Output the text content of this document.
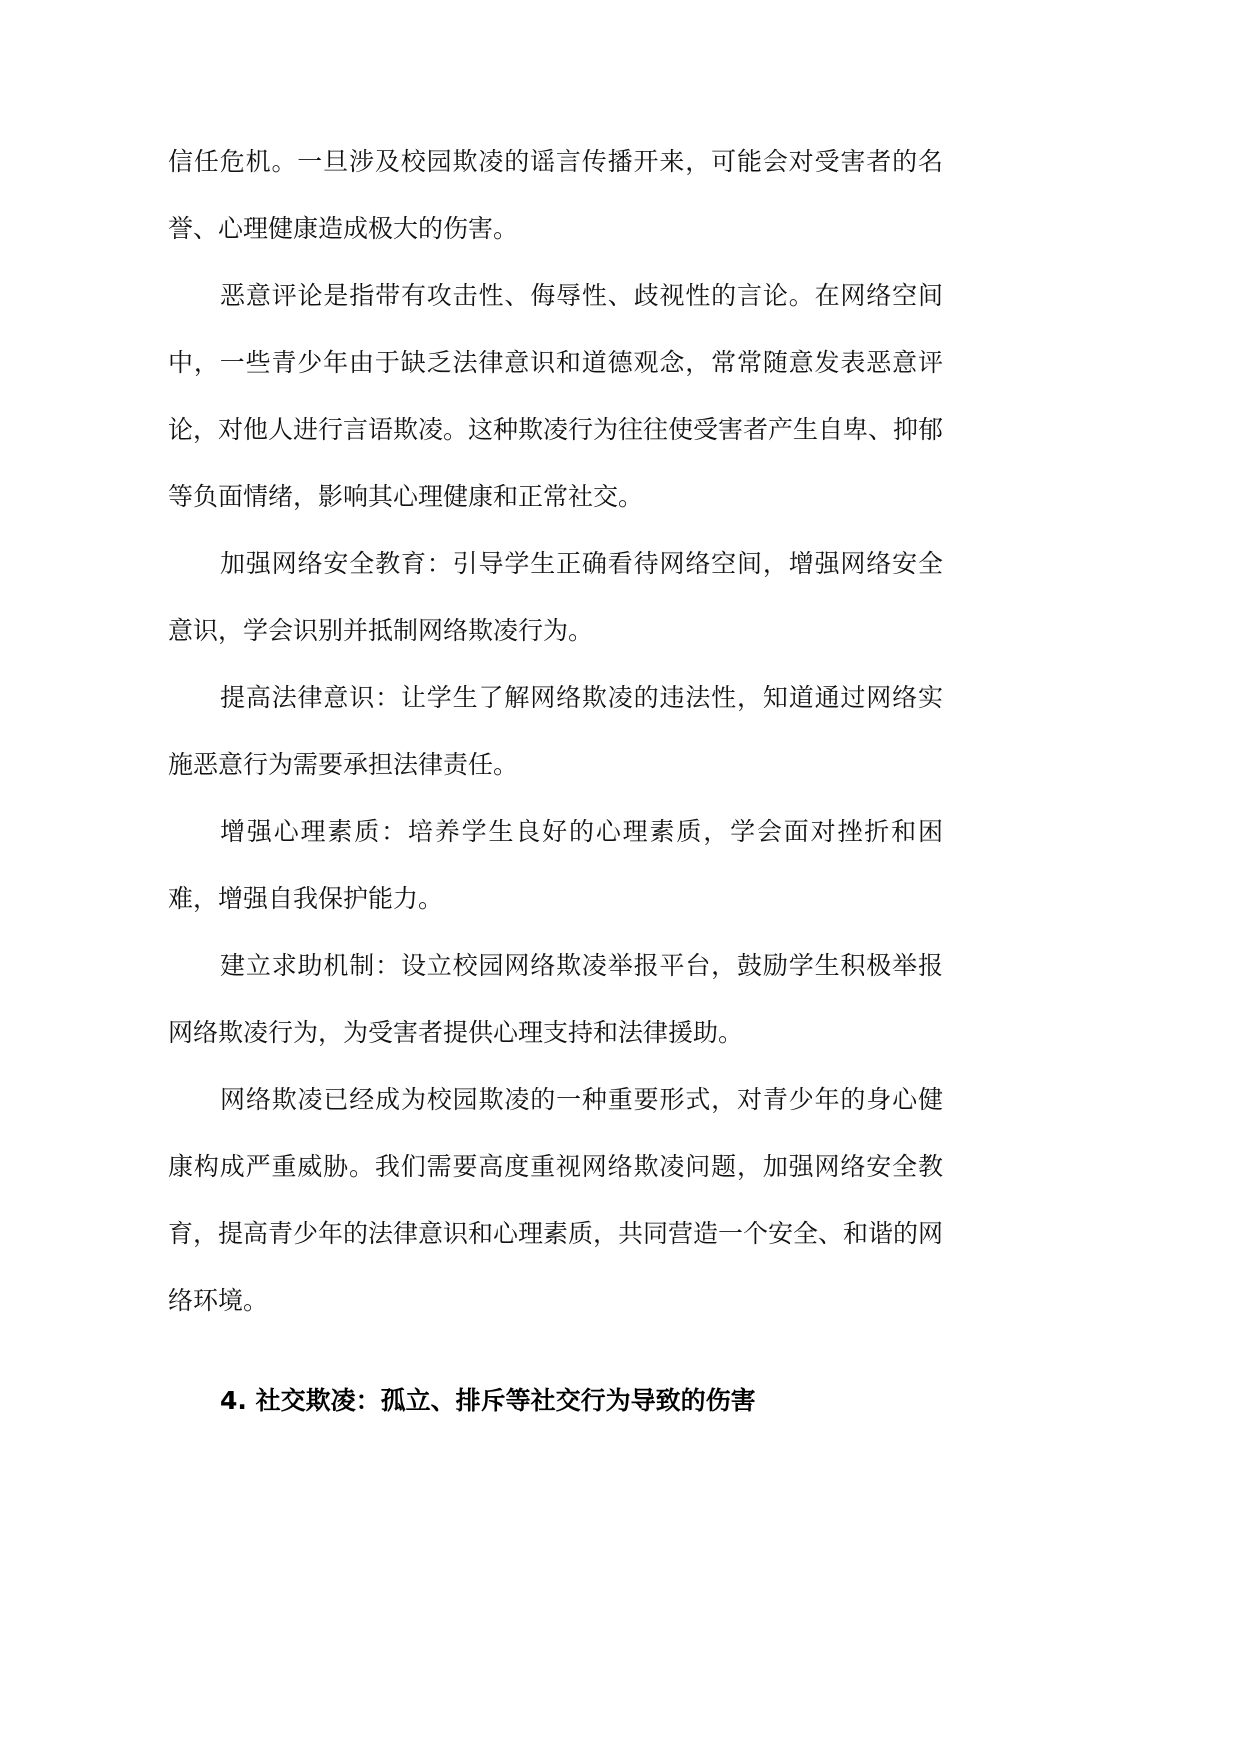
信任危机。一旦涉及校园欺凌的谣言传播开来，可能会对受害者的名誉、心理健康造成极大的伤害。

恶意评论是指带有攻击性、侮辱性、歧视性的言论。在网络空间中，一些青少年由于缺乏法律意识和道德观念，常常随意发表恶意评论，对他人进行言语欺凌。这种欺凌行为往往使受害者产生自卑、抑郁等负面情绪，影响其心理健康和正常社交。

加强网络安全教育：引导学生正确看待网络空间，增强网络安全意识，学会识别并抵制网络欺凌行为。

提高法律意识：让学生了解网络欺凌的违法性，知道通过网络实施恶意行为需要承担法律责任。

增强心理素质：培养学生良好的心理素质，学会面对挫折和困难，增强自我保护能力。

建立求助机制：设立校园网络欺凌举报平台，鼓励学生积极举报网络欺凌行为，为受害者提供心理支持和法律援助。

网络欺凌已经成为校园欺凌的一种重要形式，对青少年的身心健康构成严重威胁。我们需要高度重视网络欺凌问题，加强网络安全教育，提高青少年的法律意识和心理素质，共同营造一个安全、和谐的网络环境。

4. 社交欺凌：孤立、排斥等社交行为导致的伤害
